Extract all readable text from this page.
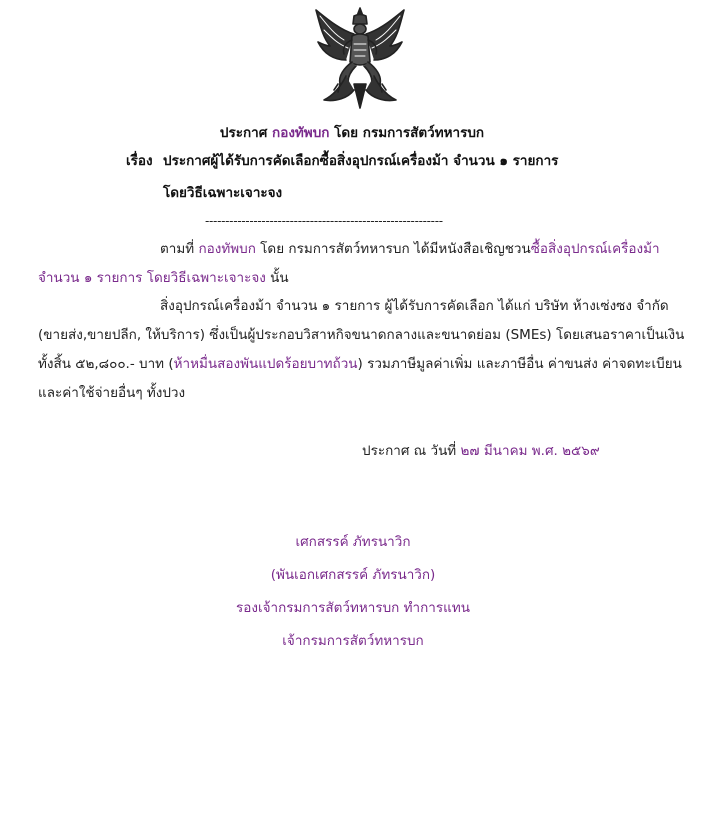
ประกาศ กองทัพบก โดย กรมการสัตว์ทหารบก
เรื่อง ประกาศผู้ได้รับการคัดเลือกซื้อสิ่งอุปกรณ์เครื่องม้า จำนวน ๑ รายการ
โดยวิธีเฉพาะเจาะจง
-----------------------------------------------------------
ตามที่ กองทัพบก โดย กรมการสัตว์ทหารบก ได้มีหนังสือเชิญชวนซื้อสิ่งอุปกรณ์เครื่องม้า
จำนวน ๑ รายการ โดยวิธีเฉพาะเจาะจง นั้น
สิ่งอุปกรณ์เครื่องม้า จำนวน ๑ รายการ ผู้ได้รับการคัดเลือก ได้แก่ บริษัท ห้างเซ่งซง จำกัด
(ขายส่ง,ขายปลีก, ให้บริการ) ซึ่งเป็นผู้ประกอบวิสาหกิจขนาดกลางและขนาดย่อม (SMEs) โดยเสนอราคาเป็นเงิน
ทั้งสิ้น ๕๒,๘๐๐.- บาท (ห้าหมื่นสองพันแปดร้อยบาทถ้วน) รวมภาษีมูลค่าเพิ่ม และภาษีอื่น ค่าขนส่ง ค่าจดทะเบียน
และค่าใช้จ่ายอื่นๆ ทั้งปวง
ประกาศ ณ วันที่ ๒๗ มีนาคม พ.ศ. ๒๕๖๙
เศกสรรค์ ภัทรนาวิก
(พันเอกเศกสรรค์ ภัทรนาวิก)
รองเจ้ากรมการสัตว์ทหารบก ทำการแทน
เจ้ากรมการสัตว์ทหารบก
